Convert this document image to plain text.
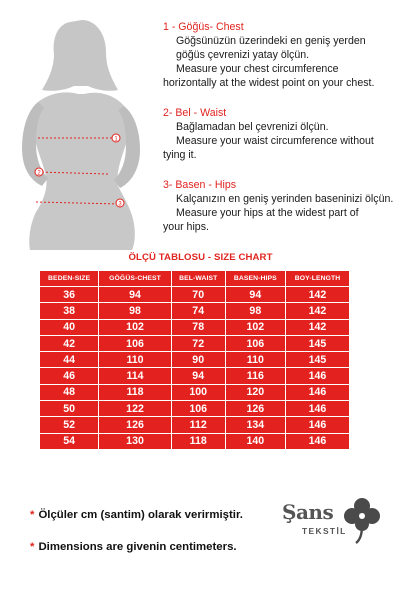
1
2
3
1 - Göğüs- Chest
Göğsünüzün üzerindeki en geniş yerden göğüs çevrenizi yatay ölçün.
Measure your chest circumference
horizontally at the widest point on your chest.
2- Bel - Waist
Bağlamadan bel çevrenizi ölçün.
Measure your waist circumference without
tying it.
3- Basen - Hips
Kalçanızın en geniş yerinden baseninizi ölçün.
Measure your hips at the widest part of
your hips.
ÖLÇÜ TABLOSU - SIZE CHART
BEDEN-SIZE	GÖĞÜS-CHEST	BEL-WAIST	BASEN-HIPS	BOY-LENGTH
36	94	70	94	142
38	98	74	98	142
40	102	78	102	142
42	106	72	106	145
44	110	90	110	145
46	114	94	116	146
48	118	100	120	146
50	122	106	126	146
52	126	112	134	146
54	130	118	140	146
* Ölçüler cm (santim) olarak verirmiştir.
* Dimensions are givenin centimeters.
Şans
TEKSTİL
